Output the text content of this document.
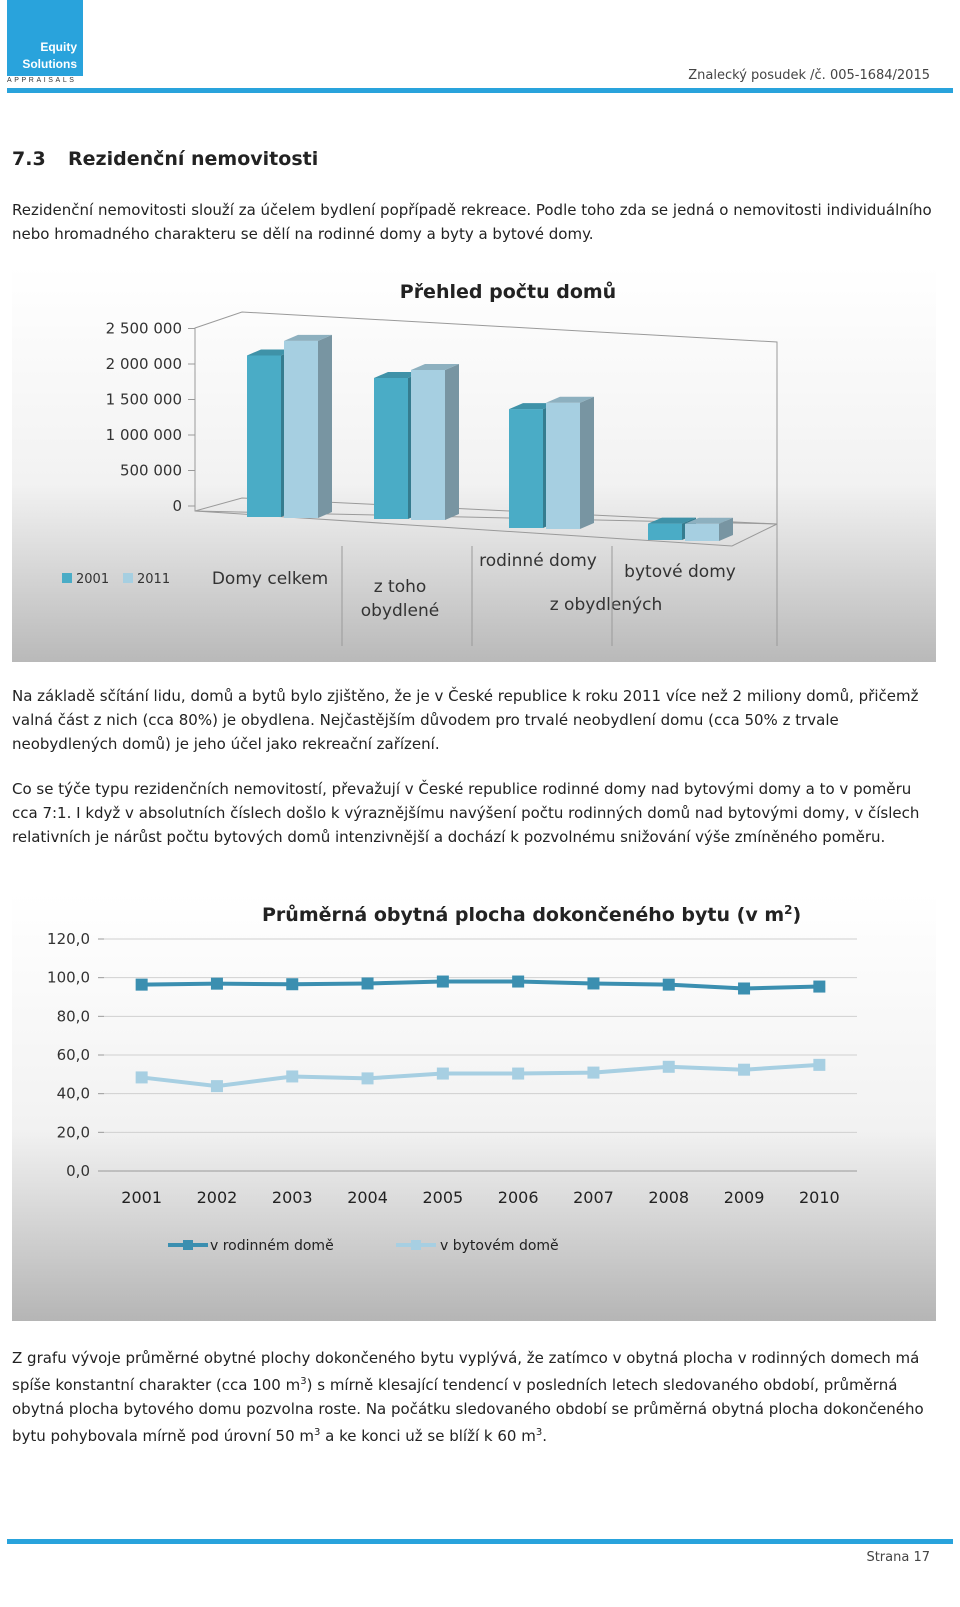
Equity
Solutions
APPRAISALS	Znalecký posudek /č. 005-1684/2015
7.3 Rezidenční nemovitosti

Rezidenční nemovitosti slouží za účelem bydlení popřípadě rekreace. Podle toho zda se jedná o nemovitosti individuálního nebo hromadného charakteru se dělí na rodinné domy a byty a bytové domy.

0
500 000
1 000 000
1 500 000
2 000 000
2 500 000
Přehled počtu domů
2001 2011 Domy celkem	z toho
obydlené
rodinné domy
bytové domy
z obydlených

Na základě sčítání lidu, domů a bytů bylo zjištěno, že je v České republice k roku 2011 více než 2 miliony domů, přičemž valná část z nich (cca 80%) je obydlena. Nejčastějším důvodem pro trvalé neobydlení domu (cca 50% z trvale neobydlených domů) je jeho účel jako rekreační zařízení.

Co se týče typu rezidenčních nemovitostí, převažují v České republice rodinné domy nad bytovými domy a to v poměru cca 7:1. I když v absolutních číslech došlo k výraznějšímu navýšení počtu rodinných domů nad bytovými domy, v číslech relativních je nárůst počtu bytových domů intenzivnější a dochází k pozvolnému snižování výše zmíněného poměru.

Průměrná obytná plocha dokončeného bytu (v $m^2$)
0,0
20,0
40,0
60,0
80,0
100,0
120,0
2001 2002 2003 2004 2005 2006 2007 2008 2009 2010
v rodinném domě	v bytovém domě

Z grafu vývoje průměrné obytné plochy dokončeného bytu vyplývá, že zatímco v obytná plocha v rodinných domech má spíše konstantní charakter (cca 100 $m^3$) s mírně klesající tendencí v posledních letech sledovaného období, průměrná obytná plocha bytového domu pozvolna roste. Na počátku sledovaného období se průměrná obytná plocha dokončeného bytu pohybovala mírně pod úrovní 50 $m^3$ a ke konci už se blíží k 60 $m^3$.

Strana 17
